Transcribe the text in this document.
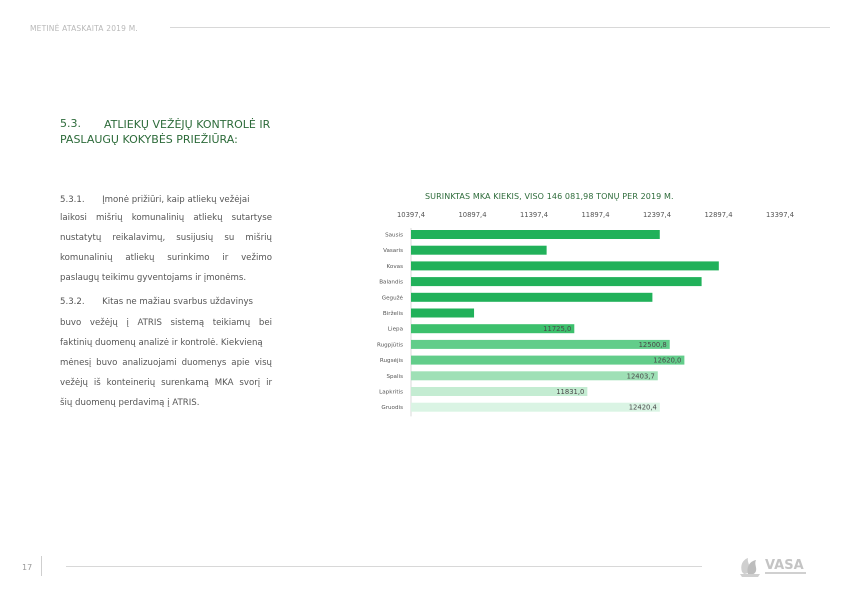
METINĖ ATASKAITA 2019 M.
5.3. ATLIEKŲ VEŽĖJŲ KONTROLĖ IR
PASLAUGŲ KOKYBĖS PRIEŽIŪRA:
5.3.1. Įmonė prižiūri, kaip atliekų vežėjai
laikosi mišrių komunalinių atliekų sutartyse
nustatytų reikalavimų, susijusių su mišrių
komunalinių atliekų surinkimo ir vežimo
paslaugų teikimu gyventojams ir įmonėms.
5.3.2. Kitas ne mažiau svarbus uždavinys
buvo vežėjų į ATRIS sistemą teikiamų bei
faktinių duomenų analizė ir kontrolė. Kiekvieną
mėnesį buvo analizuojami duomenys apie visų
vežėjų iš konteinerių surenkamą MKA svorį ir
šių duomenų perdavimą į ATRIS.
SURINKTAS MKA KIEKIS, VISO 146 081,98 TONŲ PER 2019 M.
10397,4	10897,4	11397,4	11897,4	12397,4	12897,4	13397,4
Sausis
Vasaris
Kovas
Balandis
Gegužė
Birželis
Liepa	11725,0
Rugpjūtis	12500,8
Rugsėjis	12620,0
Spalis	12403,7
Lapkritis	11831,0
Gruodis	12420,4
17	VASA
